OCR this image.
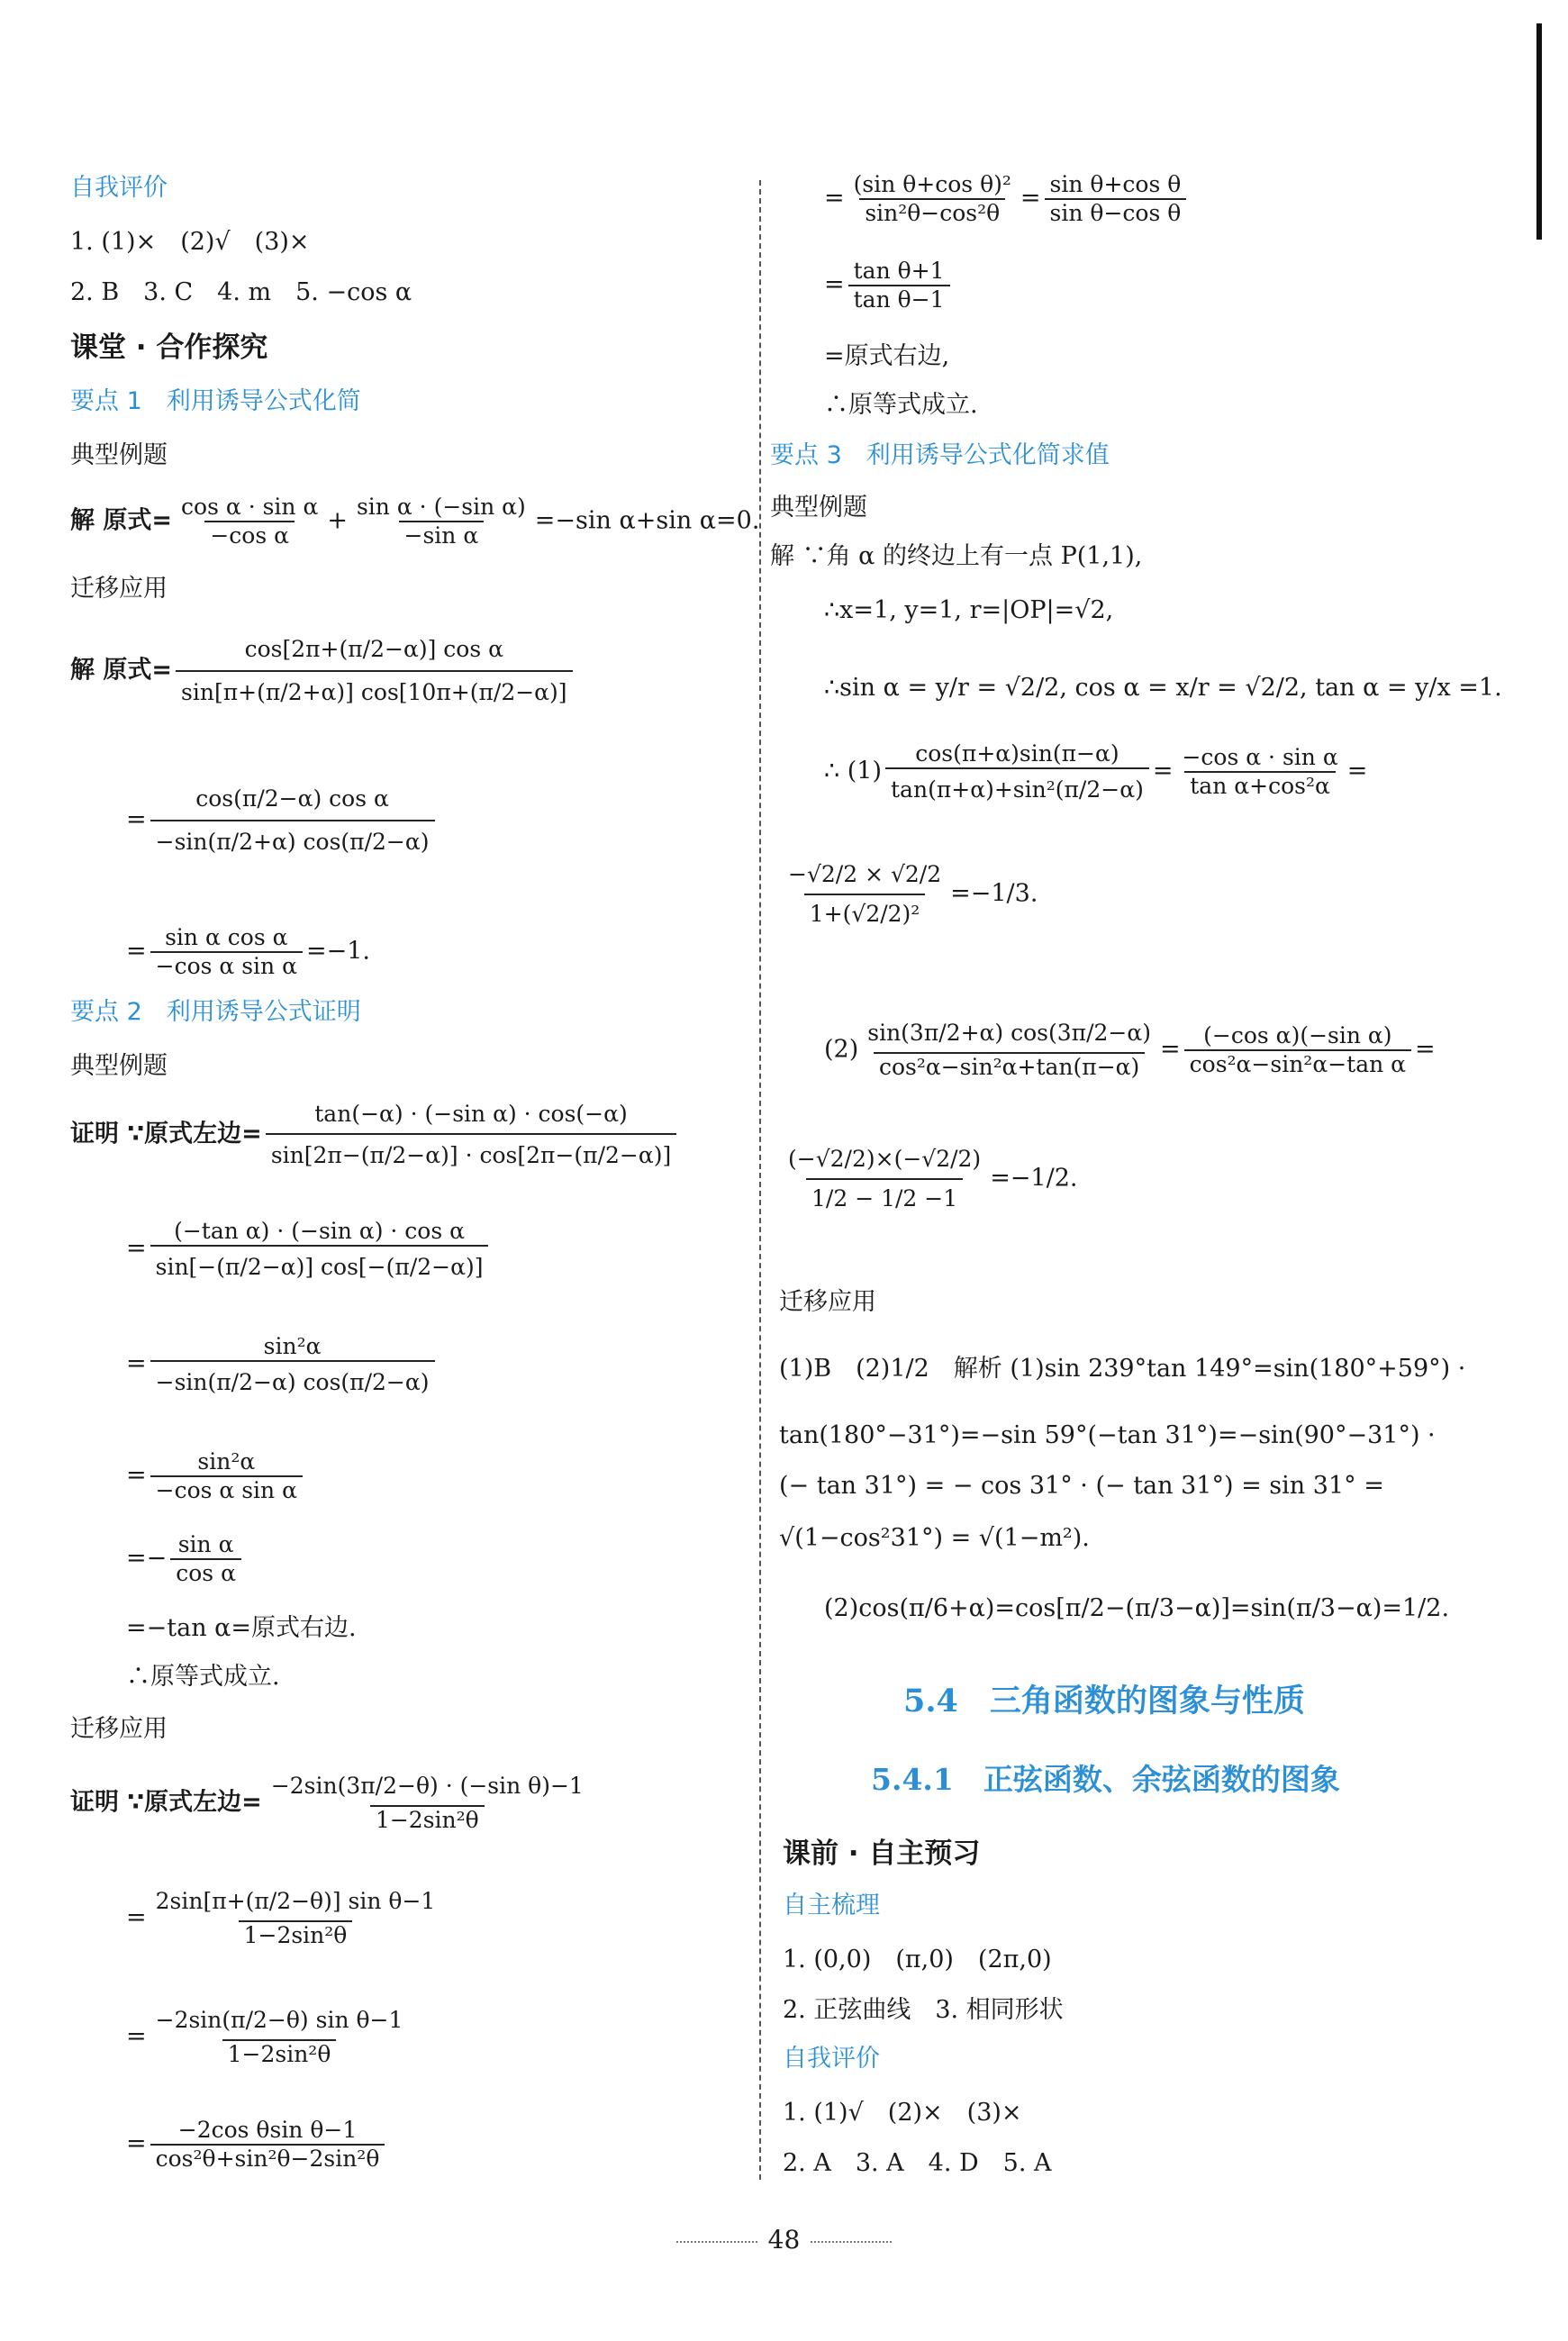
自我评价
1. (1)×　(2)√　(3)×
2. B　3. C　4. m　5. −cos α
课堂 · 合作探究
要点 1　利用诱导公式化简
典型例题
解 原式= $\frac{\text{cos α · sin α}}{\text{−cos α}} + \frac{\text{sin α · (−sin α)}}{\text{−sin α}} =-\sin$ α+sin α=0.
迁移应用
解 原式= $\frac{\text{cos[2π+(π/2−α)] cos α}}{\sin[\pi+(\pi/2+\alpha)] \cos[10\pi+(\pi/2-\alpha)]}$
= $\frac{\text{cos(π/2−α) cos α}}{-\sin(\pi/2+\alpha) \cos(\pi/2-\alpha)}$
= $\frac{\text{sin α cos α}}{\text{−cos α sin α}} =-1$.
要点 2　利用诱导公式证明
典型例题
证明 ∵原式左边= $\frac{\text{tan(−α) · (−sin α) · cos(−α)}}{\sin[2\pi-(\pi/2-\alpha)] \cdot \cos[2\pi-(\pi/2-\alpha)]}$
= $\frac{\text{(−tan α) · (−sin α) · cos α}}{\sin[-(\pi/2-\alpha)] \cos[-(\pi/2-\alpha)]}$
= $\frac{\text{sin²α}}{-\sin(\pi/2-\alpha) \cos(\pi/2-\alpha)}$
= $\frac{\text{sin²α}}{\text{−cos α sin α}}$
=− $\frac{\text{sin α}}{\text{cos α}}$
=−tan α=原式右边.
∴原等式成立.
迁移应用
证明 ∵原式左边= $\frac{\text{−2sin(3π/2−θ) · (−sin θ)−1}}{\text{1−2sin²θ}}$
= $\frac{\text{2sin[π+(π/2−θ)] sin θ−1}}{\text{1−2sin²θ}}$
= $\frac{\text{−2sin(π/2−θ) sin θ−1}}{\text{1−2sin²θ}}$
= $\frac{\text{−2cos θsin θ−1}}{\text{cos²θ+sin²θ−2sin²θ}}$
= $\frac{\text{(sin θ+cos θ)²}}{\text{sin²θ−cos²θ}} = \frac{\text{sin θ+cos θ}}{\text{sin θ−cos θ}}$
= $\frac{\text{tan θ+1}}{\text{tan θ−1}}$
=原式右边,
∴原等式成立.
要点 3　利用诱导公式化简求值
典型例题
解 ∵角 α 的终边上有一点 P(1,1),
∴x=1, y=1, r=|OP|=√2,
∴sin α = y/r = √2/2, cos α = x/r = √2/2, tan α = y/x =1.
∴ $(1) \frac{\cos(\pi+\alpha)\sin(\pi-\alpha)}{\text{tan(π+α)+sin²(π/2−α)}} = \frac{\text{−cos α · sin α}}{\text{tan α+cos²α}}$ =
$\frac{-√2/2 \times √2/2}{\text{1+(√2/2)²}} =-1/3$.
$(2) \frac{\sin(3\pi/2+\alpha) \cos(3\pi/2-\alpha)}{\text{cos²α−sin²α+tan(π−α)}} = \frac{\text{(−cos α)(−sin α)}}{\text{cos²α−sin²α−tan α}}$ =
$\frac{(-√2/2)\times(-√2/2)}{1/2 - 1/2 -1} =-1/2$.
迁移应用
(1)B　(2)1/2　解析 (1)sin 239°tan 149°=sin(180°+59°) ·
tan(180°−31°)=−sin 59°(−tan 31°)=−sin(90°−31°) ·
(− tan 31°) = − cos 31° · (− tan 31°) = sin 31° =
√(1−cos²31°) = √(1−m²).
(2)cos(π/6+α)=cos[π/2−(π/3−α)]=sin(π/3−α)=1/2.
5.4　三角函数的图象与性质
5.4.1　正弦函数、余弦函数的图象
课前 · 自主预习
自主梳理
1. (0,0)　(π,0)　(2π,0)
2. 正弦曲线　3. 相同形状
自我评价
1. (1)√　(2)×　(3)×
2. A　3. A　4. D　5. A
48
